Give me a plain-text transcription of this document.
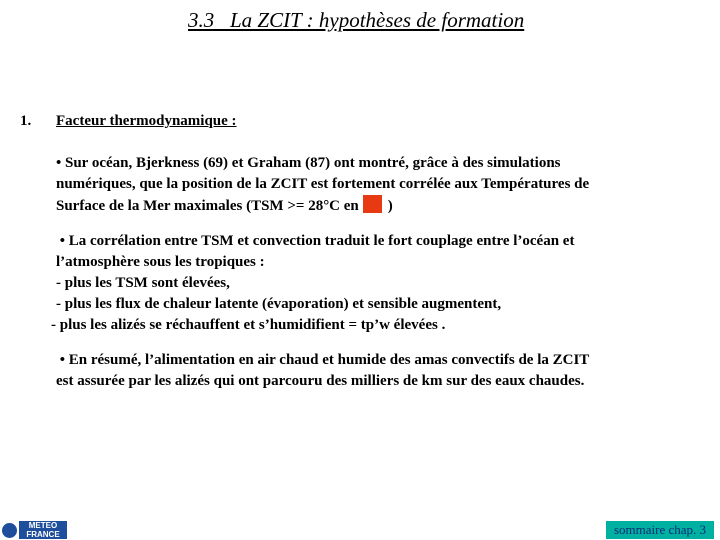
3.3   La ZCIT : hypothèses de formation
1. Facteur thermodynamique :
• Sur océan, Bjerkness (69) et Graham (87) ont montré, grâce à des simulations
numériques, que la position de la ZCIT est fortement corrélée aux Températures de
Surface de la Mer maximales (TSM >= 28°C en )
• La corrélation entre TSM et convection traduit le fort couplage entre l’océan et
l’atmosphère sous les tropiques :
- plus les TSM sont élevées,
- plus les flux de chaleur latente (évaporation) et sensible augmentent,
- plus les alizés se réchauffent et s’humidifient = tp’w élevées .
• En résumé, l’alimentation en air chaud et humide des amas convectifs de la ZCIT
est assurée par les alizés qui ont parcouru des milliers de km sur des eaux chaudes.
METEO
FRANCE	sommaire chap. 3
